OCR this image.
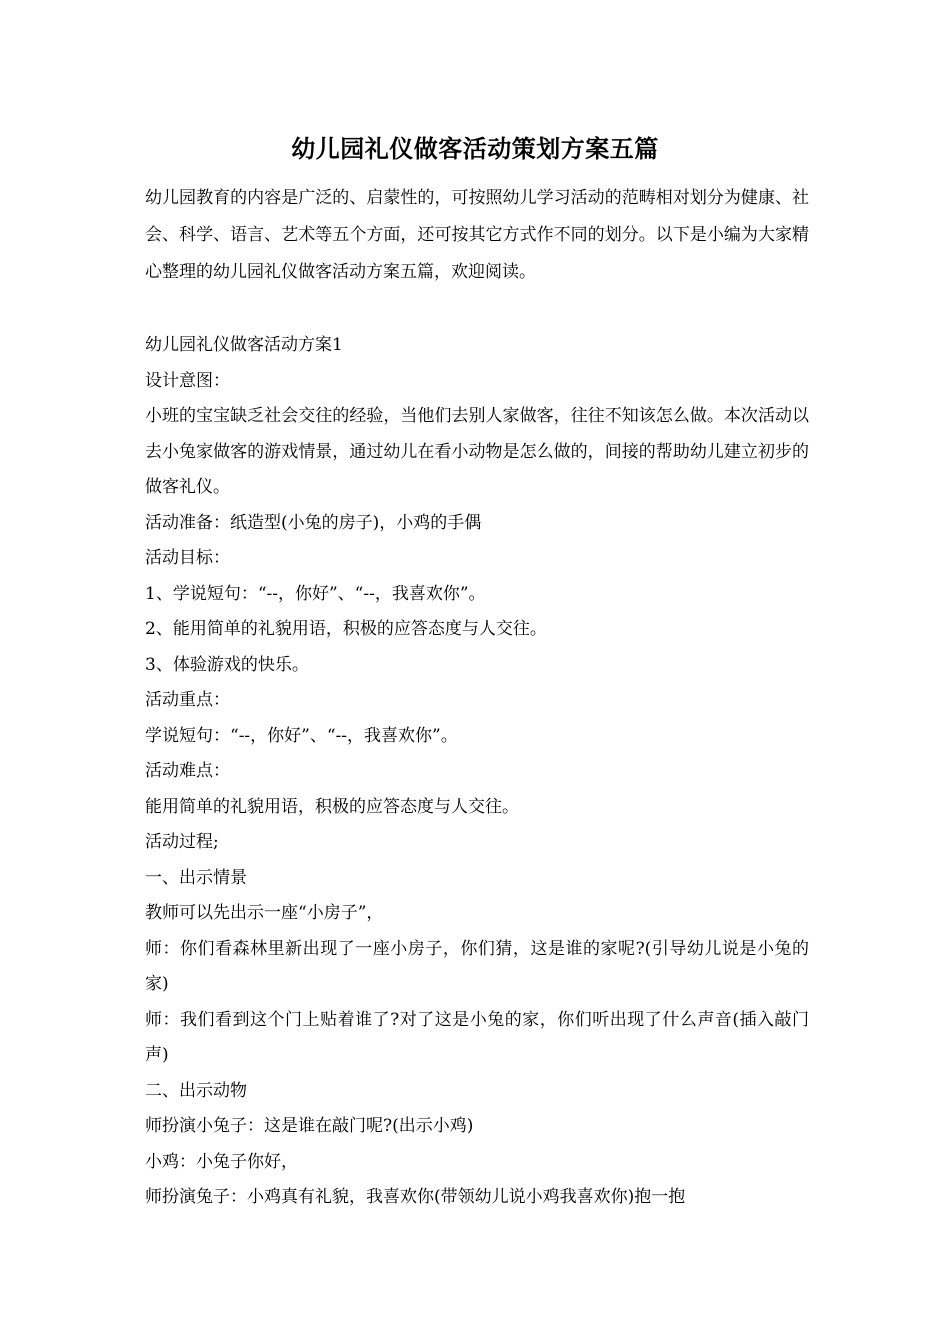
幼儿园礼仪做客活动策划方案五篇
幼儿园教育的内容是广泛的、启蒙性的，可按照幼儿学习活动的范畴相对划分为健康、社会、科学、语言、艺术等五个方面，还可按其它方式作不同的划分。以下是小编为大家精心整理的幼儿园礼仪做客活动方案五篇，欢迎阅读。

幼儿园礼仪做客活动方案1

设计意图：

小班的宝宝缺乏社会交往的经验，当他们去别人家做客，往往不知该怎么做。本次活动以去小兔家做客的游戏情景，通过幼儿在看小动物是怎么做的，间接的帮助幼儿建立初步的做客礼仪。

活动准备：纸造型(小兔的房子)，小鸡的手偶

活动目标：

1、学说短句：“--，你好”、“--，我喜欢你”。

2、能用简单的礼貌用语，积极的应答态度与人交往。

3、体验游戏的快乐。

活动重点：

学说短句：“--，你好”、“--，我喜欢你”。

活动难点：

能用简单的礼貌用语，积极的应答态度与人交往。

活动过程;

一、出示情景

教师可以先出示一座“小房子”，

师：你们看森林里新出现了一座小房子，你们猜，这是谁的家呢?(引导幼儿说是小兔的家)

师：我们看到这个门上贴着谁了?对了这是小兔的家，你们听出现了什么声音(插入敲门声)

二、出示动物

师扮演小兔子：这是谁在敲门呢?(出示小鸡)

小鸡：小兔子你好，

师扮演兔子：小鸡真有礼貌，我喜欢你(带领幼儿说小鸡我喜欢你)抱一抱
